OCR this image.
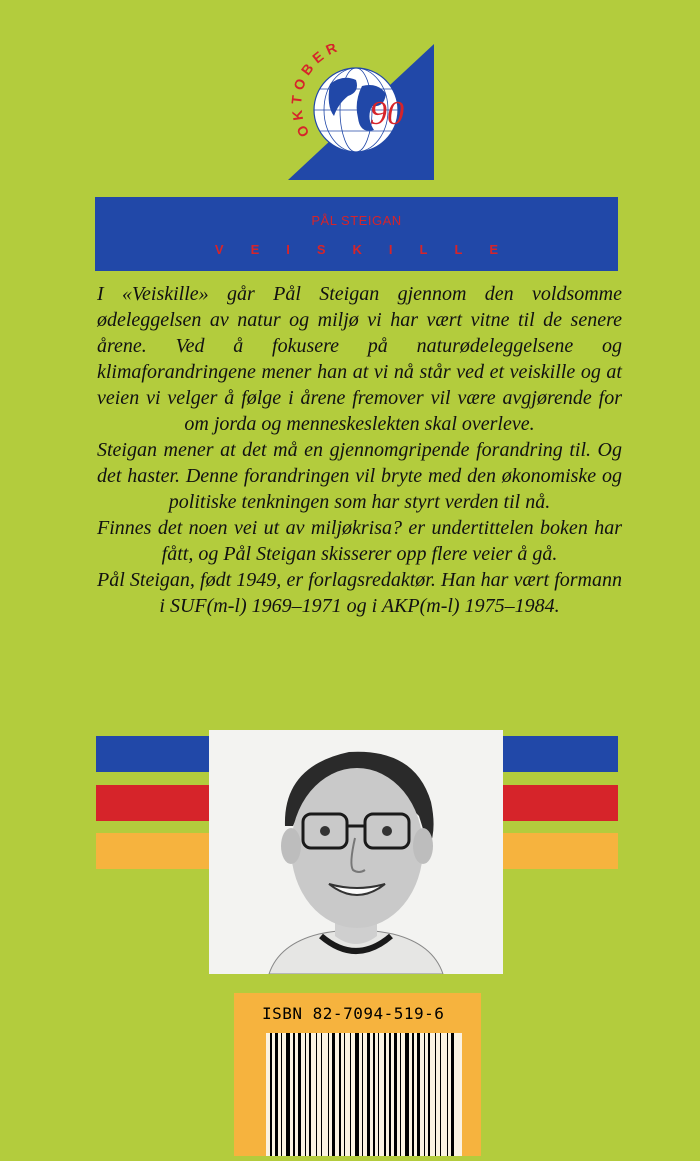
OKTOBER
90
PÅL STEIGAN
VEISKILLE

I «Veiskille» går Pål Steigan gjennom den voldsomme ødeleggelsen av natur og miljø vi har vært vitne til de senere årene. Ved å fokusere på naturødeleggelsene og klimaforandringene mener han at vi nå står ved et veiskille og at veien vi velger å følge i årene fremover vil være avgjørende for om jorda og menneskeslekten skal overleve.

Steigan mener at det må en gjennomgripende forandring til. Og det haster. Denne forandringen vil bryte med den økonomiske og politiske tenkningen som har styrt verden til nå.

Finnes det noen vei ut av miljøkrisa? er undertittelen boken har fått, og Pål Steigan skisserer opp flere veier å gå.

Pål Steigan, født 1949, er forlagsredaktør. Han har vært formann i SUF(m-l) 1969–1971 og i AKP(m-l) 1975–1984.

ISBN 82-7094-519-6
